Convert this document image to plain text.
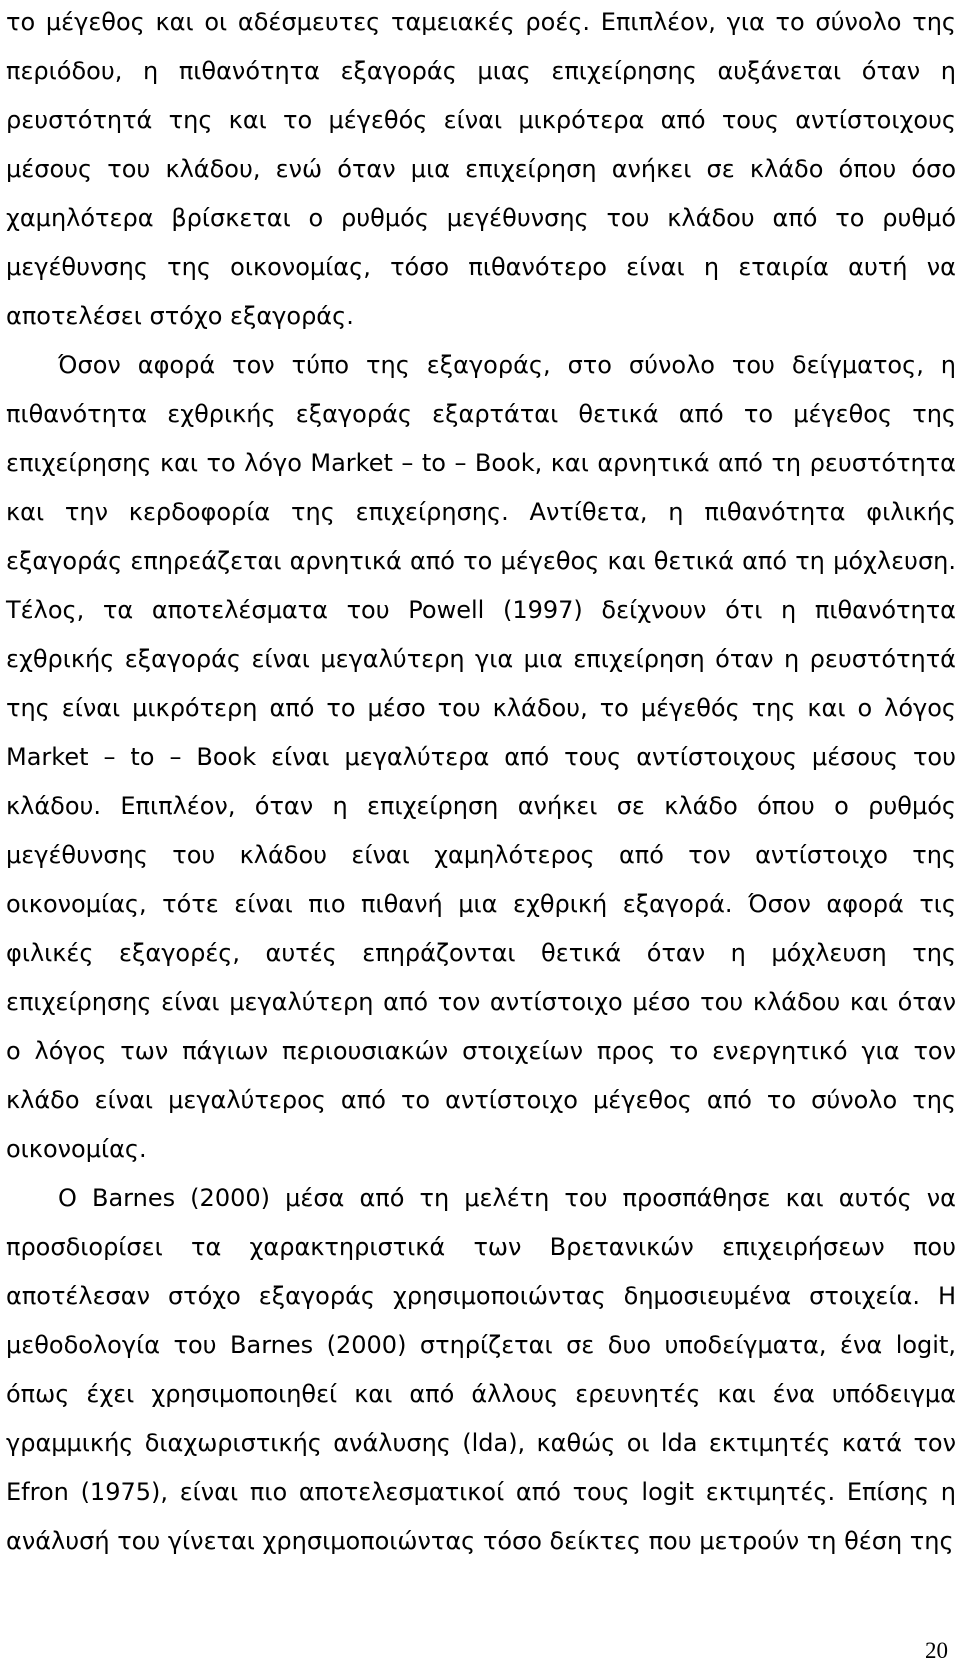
το μέγεθος και οι αδέσμευτες ταμειακές ροές. Επιπλέον, για το σύνολο της περιόδου, η πιθανότητα εξαγοράς μιας επιχείρησης αυξάνεται όταν η ρευστότητά της και το μέγεθός είναι μικρότερα από τους αντίστοιχους μέσους του κλάδου, ενώ όταν μια επιχείρηση ανήκει σε κλάδο όπου όσο χαμηλότερα βρίσκεται ο ρυθμός μεγέθυνσης του κλάδου από το ρυθμό μεγέθυνσης της οικονομίας, τόσο πιθανότερο είναι η εταιρία αυτή να αποτελέσει στόχο εξαγοράς.

Όσον αφορά τον τύπο της εξαγοράς, στο σύνολο του δείγματος, η πιθανότητα εχθρικής εξαγοράς εξαρτάται θετικά από το μέγεθος της επιχείρησης και το λόγο Market – to – Book, και αρνητικά από τη ρευστότητα και την κερδοφορία της επιχείρησης. Αντίθετα, η πιθανότητα φιλικής εξαγοράς επηρεάζεται αρνητικά από το μέγεθος και θετικά από τη μόχλευση. Τέλος, τα αποτελέσματα του Powell (1997) δείχνουν ότι η πιθανότητα εχθρικής εξαγοράς είναι μεγαλύτερη για μια επιχείρηση όταν η ρευστότητά της είναι μικρότερη από το μέσο του κλάδου, το μέγεθός της και ο λόγος Market – to – Book είναι μεγαλύτερα από τους αντίστοιχους μέσους του κλάδου. Επιπλέον, όταν η επιχείρηση ανήκει σε κλάδο όπου ο ρυθμός μεγέθυνσης του κλάδου είναι χαμηλότερος από τον αντίστοιχο της οικονομίας, τότε είναι πιο πιθανή μια εχθρική εξαγορά. Όσον αφορά τις φιλικές εξαγορές, αυτές επηράζονται θετικά όταν η μόχλευση της επιχείρησης είναι μεγαλύτερη από τον αντίστοιχο μέσο του κλάδου και όταν ο λόγος των πάγιων περιουσιακών στοιχείων προς το ενεργητικό για τον κλάδο είναι μεγαλύτερος από το αντίστοιχο μέγεθος από το σύνολο της οικονομίας.

Ο Barnes (2000) μέσα από τη μελέτη του προσπάθησε και αυτός να προσδιορίσει τα χαρακτηριστικά των Βρετανικών επιχειρήσεων που αποτέλεσαν στόχο εξαγοράς χρησιμοποιώντας δημοσιευμένα στοιχεία. Η μεθοδολογία του Barnes (2000) στηρίζεται σε δυο υποδείγματα, ένα logit, όπως έχει χρησιμοποιηθεί και από άλλους ερευνητές και ένα υπόδειγμα γραμμικής διαχωριστικής ανάλυσης (lda), καθώς οι lda εκτιμητές κατά τον Efron (1975), είναι πιο αποτελεσματικοί από τους logit εκτιμητές. Επίσης η ανάλυσή του γίνεται χρησιμοποιώντας τόσο δείκτες που μετρούν τη θέση της

20
